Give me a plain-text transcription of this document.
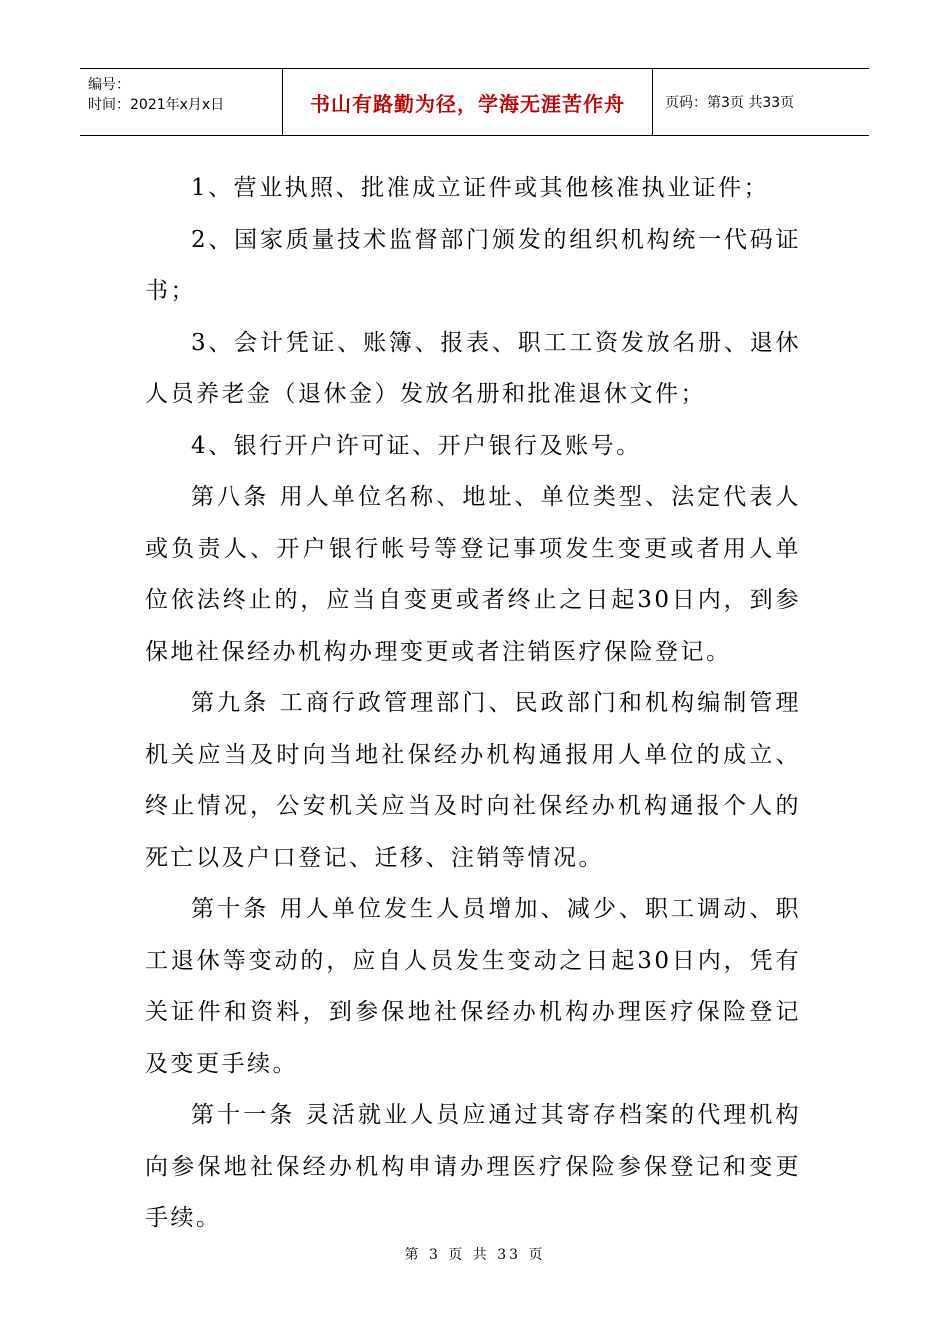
编号：
时间：2021年x月x日	书山有路勤为径，学海无涯苦作舟	页码：第3页 共33页

1、营业执照、批准成立证件或其他核准执业证件；

2、国家质量技术监督部门颁发的组织机构统一代码证书；

3、会计凭证、账簿、报表、职工工资发放名册、退休人员养老金（退休金）发放名册和批准退休文件；

4、银行开户许可证、开户银行及账号。

第八条 用人单位名称、地址、单位类型、法定代表人或负责人、开户银行帐号等登记事项发生变更或者用人单位依法终止的，应当自变更或者终止之日起30日内，到参保地社保经办机构办理变更或者注销医疗保险登记。

第九条 工商行政管理部门、民政部门和机构编制管理机关应当及时向当地社保经办机构通报用人单位的成立、终止情况，公安机关应当及时向社保经办机构通报个人的死亡以及户口登记、迁移、注销等情况。

第十条 用人单位发生人员增加、减少、职工调动、职工退休等变动的，应自人员发生变动之日起30日内，凭有关证件和资料，到参保地社保经办机构办理医疗保险登记及变更手续。

第十一条 灵活就业人员应通过其寄存档案的代理机构向参保地社保经办机构申请办理医疗保险参保登记和变更手续。

第 3 页 共 33 页
